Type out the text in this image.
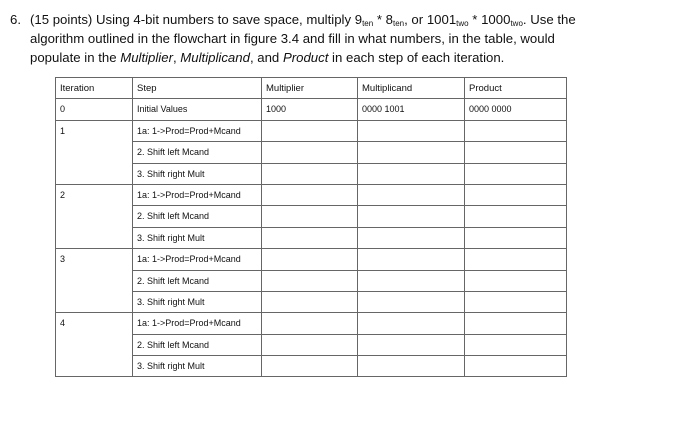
6. (15 points) Using 4-bit numbers to save space, multiply $9_{ten} * 8_{ten}$, or $1001_{two} * 1000_{two}$. Use the
algorithm outlined in the flowchart in figure 3.4 and fill in what numbers, in the table, would
populate in the Multiplier, Multiplicand, and Product in each step of each iteration.
Iteration	Step	Multiplier	Multiplicand	Product
0	Initial Values	1000	0000 1001	0000 0000
1	1a: 1->Prod=Prod+Mcand			
	2. Shift left Mcand			
	3. Shift right Mult			
2	1a: 1->Prod=Prod+Mcand			
	2. Shift left Mcand			
	3. Shift right Mult			
3	1a: 1->Prod=Prod+Mcand			
	2. Shift left Mcand			
	3. Shift right Mult			
4	1a: 1->Prod=Prod+Mcand			
	2. Shift left Mcand			
	3. Shift right Mult			
